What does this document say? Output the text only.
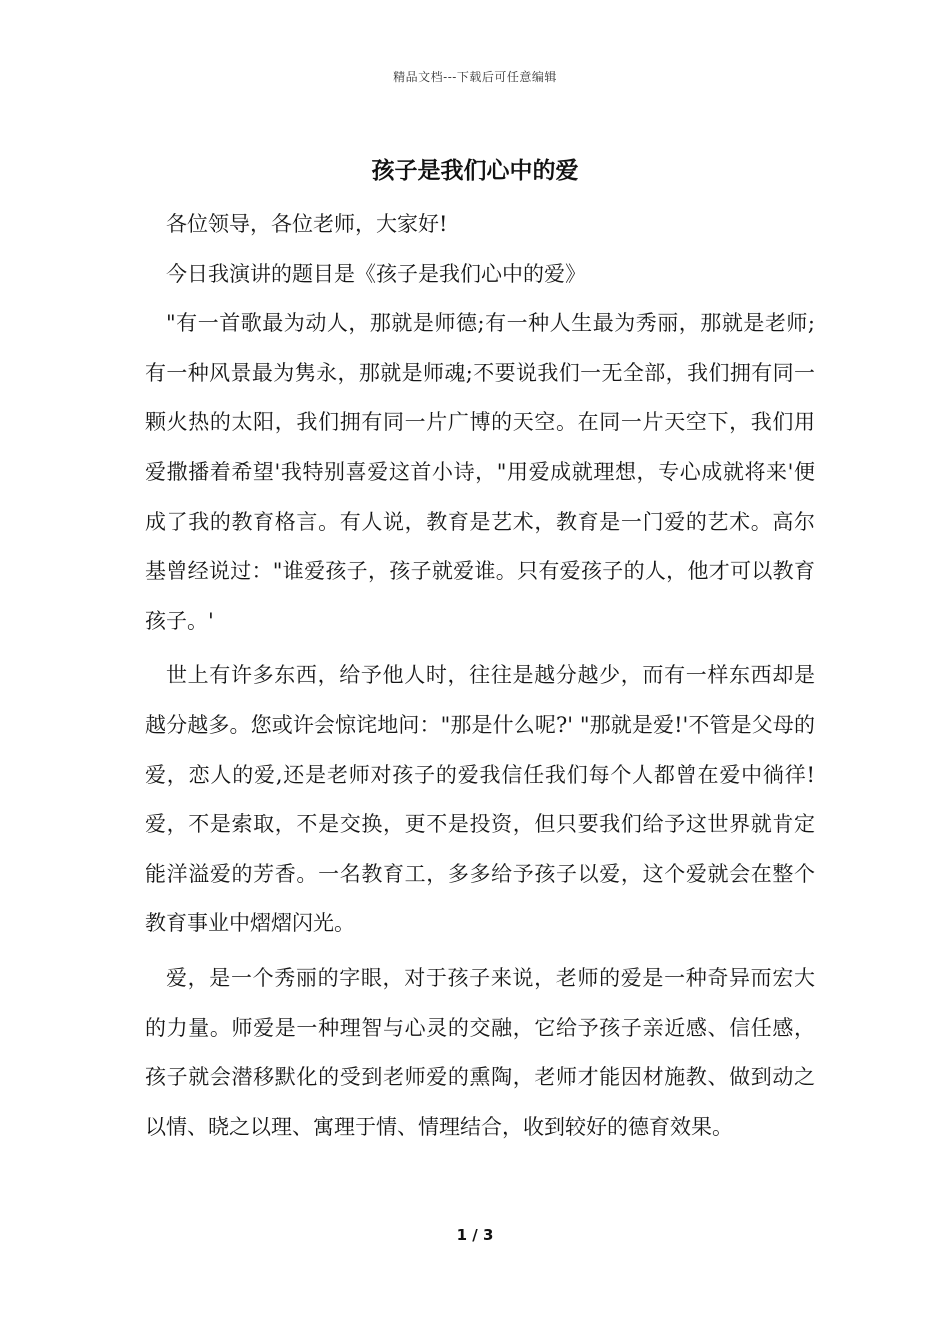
精品文档---下载后可任意编辑
孩子是我们心中的爱

各位领导，各位老师，大家好!

今日我演讲的题目是《孩子是我们心中的爱》

"有一首歌最为动人，那就是师德;有一种人生最为秀丽，那就是老师;有一种风景最为隽永，那就是师魂;不要说我们一无全部，我们拥有同一颗火热的太阳，我们拥有同一片广博的天空。在同一片天空下，我们用爱撒播着希望'我特别喜爱这首小诗，"用爱成就理想，专心成就将来'便成了我的教育格言。有人说，教育是艺术，教育是一门爱的艺术。高尔基曾经说过："谁爱孩子，孩子就爱谁。只有爱孩子的人，他才可以教育孩子。'

世上有许多东西，给予他人时，往往是越分越少，而有一样东西却是越分越多。您或许会惊诧地问："那是什么呢?' "那就是爱!'不管是父母的爱，恋人的爱,还是老师对孩子的爱我信任我们每个人都曾在爱中徜徉!爱，不是索取，不是交换，更不是投资，但只要我们给予这世界就肯定能洋溢爱的芳香。一名教育工，多多给予孩子以爱，这个爱就会在整个教育事业中熠熠闪光。

爱，是一个秀丽的字眼，对于孩子来说，老师的爱是一种奇异而宏大的力量。师爱是一种理智与心灵的交融，它给予孩子亲近感、信任感，孩子就会潜移默化的受到老师爱的熏陶，老师才能因材施教、做到动之以情、晓之以理、寓理于情、情理结合，收到较好的德育效果。

1 / 3
